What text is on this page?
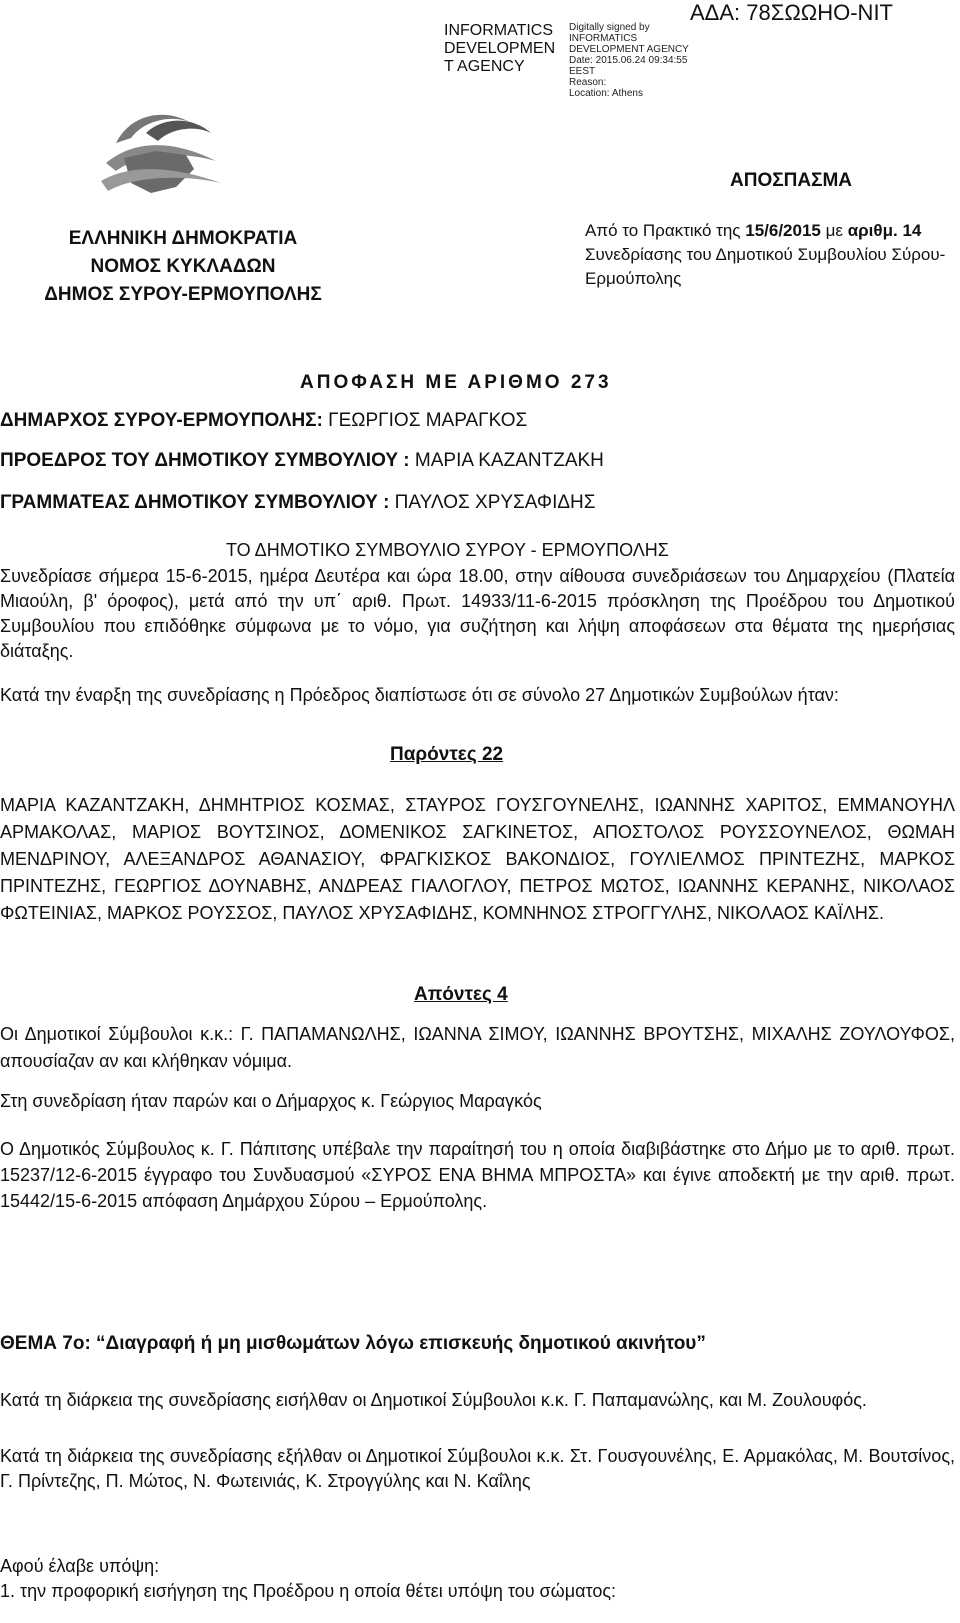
INFORMATICS
DEVELOPMEN
T AGENCY
Digitally signed by
INFORMATICS
DEVELOPMENT AGENCY
Date: 2015.06.24 09:34:55
EEST
Reason:
Location: Athens
ΑΔΑ: 78ΣΩΩΗΟ-ΝΙΤ
ΑΠΟΣΠΑΣΜΑ
ΕΛΛΗΝΙΚΗ ΔΗΜΟΚΡΑΤΙΑ
ΝΟΜΟΣ ΚΥΚΛΑΔΩΝ
ΔΗΜΟΣ ΣΥΡΟΥ-ΕΡΜΟΥΠΟΛΗΣ
Από το Πρακτικό της 15/6/2015 με αριθμ. 14 Συνεδρίασης του Δημοτικού Συμβουλίου Σύρου- Ερμούπολης
ΑΠΟΦΑΣΗ ΜΕ ΑΡΙΘΜΟ 273
ΔΗΜΑΡΧΟΣ ΣΥΡΟΥ-ΕΡΜΟΥΠΟΛΗΣ: ΓΕΩΡΓΙΟΣ ΜΑΡΑΓΚΟΣ
ΠΡΟΕΔΡΟΣ ΤΟΥ ΔΗΜΟΤΙΚΟΥ ΣΥΜΒΟΥΛΙΟΥ : ΜΑΡΙΑ ΚΑΖΑΝΤΖΑΚΗ
ΓΡΑΜΜΑΤΕΑΣ ΔΗΜΟΤΙΚΟΥ ΣΥΜΒΟΥΛΙΟΥ : ΠΑΥΛΟΣ ΧΡΥΣΑΦΙΔΗΣ
ΤΟ ΔΗΜΟΤΙΚΟ ΣΥΜΒΟΥΛΙΟ ΣΥΡΟΥ - ΕΡΜΟΥΠΟΛΗΣ
Συνεδρίασε σήμερα 15-6-2015, ημέρα Δευτέρα και ώρα 18.00, στην αίθουσα συνεδριάσεων του Δημαρχείου (Πλατεία Μιαούλη, β' όροφος), μετά από την υπ΄ αριθ. Πρωτ. 14933/11-6-2015 πρόσκληση της Προέδρου του Δημοτικού Συμβουλίου που επιδόθηκε σύμφωνα με το νόμο, για συζήτηση και λήψη αποφάσεων στα θέματα της ημερήσιας διάταξης.
Κατά την έναρξη της συνεδρίασης η Πρόεδρος διαπίστωσε ότι σε σύνολο 27 Δημοτικών Συμβούλων ήταν:
Παρόντες 22
ΜΑΡΙΑ ΚΑΖΑΝΤΖΑΚΗ, ΔΗΜΗΤΡΙΟΣ ΚΟΣΜΑΣ, ΣΤΑΥΡΟΣ ΓΟΥΣΓΟΥΝΕΛΗΣ, ΙΩΑΝΝΗΣ ΧΑΡΙΤΟΣ, ΕΜΜΑΝΟΥΗΛ ΑΡΜΑΚΟΛΑΣ, ΜΑΡΙΟΣ ΒΟΥΤΣΙΝΟΣ, ΔΟΜΕΝΙΚΟΣ ΣΑΓΚΙΝΕΤΟΣ, ΑΠΟΣΤΟΛΟΣ ΡΟΥΣΣΟΥΝΕΛΟΣ, ΘΩΜΑΗ ΜΕΝΔΡΙΝΟΥ, ΑΛΕΞΑΝΔΡΟΣ ΑΘΑΝΑΣΙΟΥ, ΦΡΑΓΚΙΣΚΟΣ ΒΑΚΟΝΔΙΟΣ, ΓΟΥΛΙΕΛΜΟΣ ΠΡΙΝΤΕΖΗΣ, ΜΑΡΚΟΣ ΠΡΙΝΤΕΖΗΣ, ΓΕΩΡΓΙΟΣ ΔΟΥΝΑΒΗΣ, ΑΝΔΡΕΑΣ ΓΙΑΛΟΓΛΟΥ, ΠΕΤΡΟΣ ΜΩΤΟΣ, ΙΩΑΝΝΗΣ ΚΕΡΑΝΗΣ, ΝΙΚΟΛΑΟΣ ΦΩΤΕΙΝΙΑΣ, ΜΑΡΚΟΣ ΡΟΥΣΣΟΣ, ΠΑΥΛΟΣ ΧΡΥΣΑΦΙΔΗΣ, ΚΟΜΝΗΝΟΣ ΣΤΡΟΓΓΥΛΗΣ, ΝΙΚΟΛΑΟΣ ΚΑΪΛΗΣ.
Απόντες 4
Οι Δημοτικοί Σύμβουλοι κ.κ.: Γ. ΠΑΠΑΜΑΝΩΛΗΣ, ΙΩΑΝΝΑ ΣΙΜΟΥ, ΙΩΑΝΝΗΣ ΒΡΟΥΤΣΗΣ, ΜΙΧΑΛΗΣ ΖΟΥΛΟΥΦΟΣ, απουσίαζαν αν και κλήθηκαν νόμιμα.
Στη συνεδρίαση ήταν παρών και ο Δήμαρχος κ. Γεώργιος Μαραγκός
Ο Δημοτικός Σύμβουλος κ. Γ. Πάπιτσης υπέβαλε την παραίτησή του η οποία διαβιβάστηκε στο Δήμο με το αριθ. πρωτ. 15237/12-6-2015 έγγραφο του Συνδυασμού «ΣΥΡΟΣ ΕΝΑ ΒΗΜΑ ΜΠΡΟΣΤΑ» και έγινε αποδεκτή με την αριθ. πρωτ. 15442/15-6-2015 απόφαση Δημάρχου Σύρου – Ερμούπολης.
ΘΕΜΑ 7ο: “Διαγραφή ή μη μισθωμάτων λόγω επισκευής δημοτικού ακινήτου”
Κατά τη διάρκεια της συνεδρίασης εισήλθαν οι Δημοτικοί Σύμβουλοι κ.κ. Γ. Παπαμανώλης, και Μ. Ζουλουφός.
Κατά τη διάρκεια της συνεδρίασης εξήλθαν οι Δημοτικοί Σύμβουλοι κ.κ. Στ. Γουσγουνέλης, Ε. Αρμακόλας, Μ. Βουτσίνος, Γ. Πρίντεζης, Π. Μώτος, Ν. Φωτεινιάς, Κ. Στρογγύλης και Ν. Καΐλης
Αφού έλαβε υπόψη:
1. την προφορική εισήγηση της Προέδρου η οποία θέτει υπόψη του σώματος:
